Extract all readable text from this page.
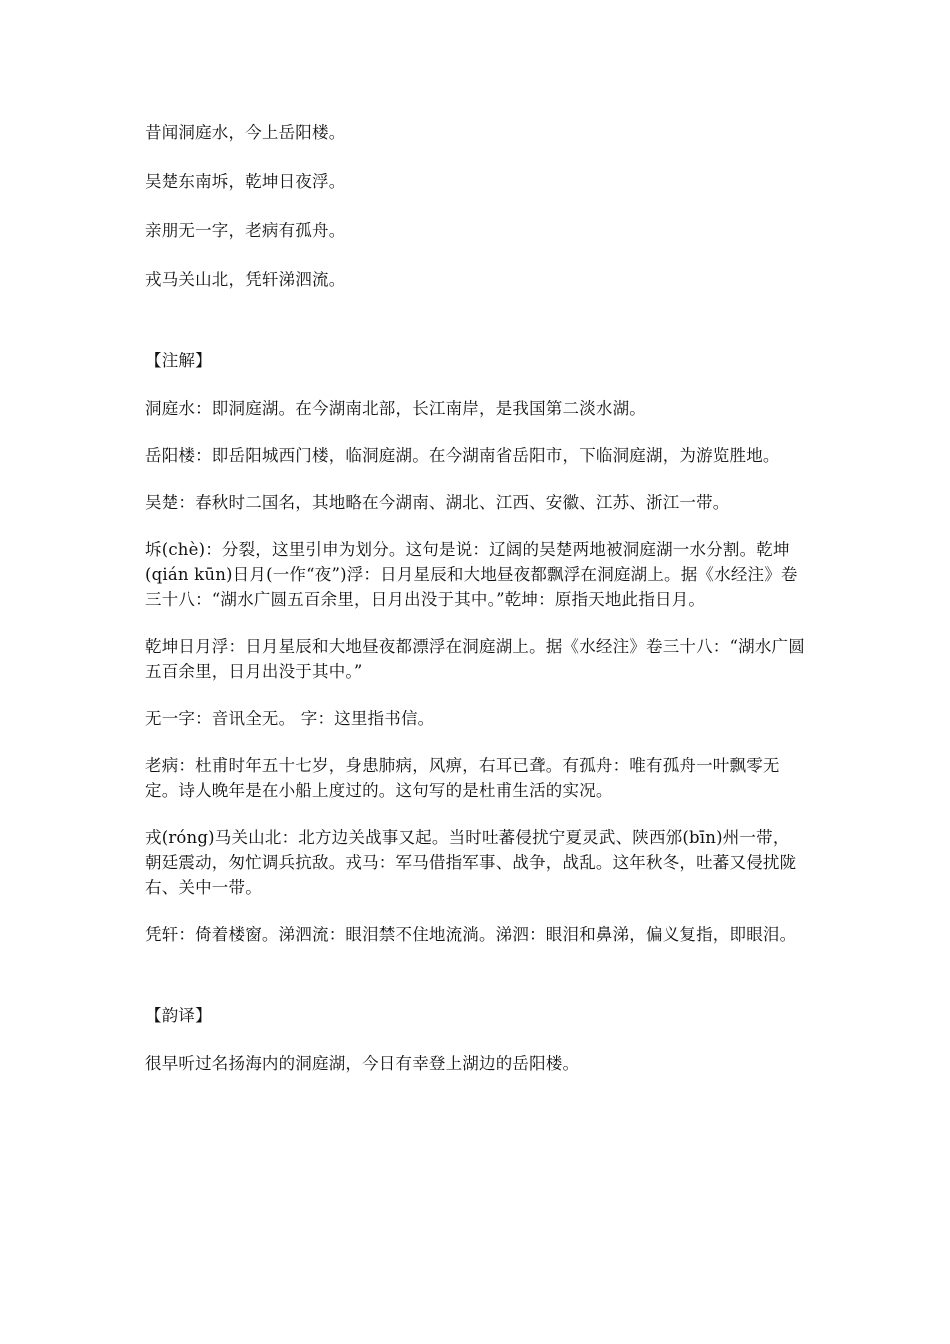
昔闻洞庭水，今上岳阳楼。

吴楚东南坼，乾坤日夜浮。

亲朋无一字，老病有孤舟。

戎马关山北，凭轩涕泗流。

【注解】

洞庭水：即洞庭湖。在今湖南北部，长江南岸，是我国第二淡水湖。

岳阳楼：即岳阳城西门楼，临洞庭湖。在今湖南省岳阳市，下临洞庭湖，为游览胜地。

吴楚：春秋时二国名，其地略在今湖南、湖北、江西、安徽、江苏、浙江一带。

坼(chè)：分裂，这里引申为划分。这句是说：辽阔的吴楚两地被洞庭湖一水分割。乾坤(qián kūn)日月(一作“夜”)浮：日月星辰和大地昼夜都飘浮在洞庭湖上。据《水经注》卷三十八：“湖水广圆五百余里，日月出没于其中。”乾坤：原指天地此指日月。

乾坤日月浮：日月星辰和大地昼夜都漂浮在洞庭湖上。据《水经注》卷三十八：“湖水广圆五百余里，日月出没于其中。”

无一字：音讯全无。 字：这里指书信。

老病：杜甫时年五十七岁，身患肺病，风痹，右耳已聋。有孤舟：唯有孤舟一叶飘零无定。诗人晚年是在小船上度过的。这句写的是杜甫生活的实况。

戎(róng)马关山北：北方边关战事又起。当时吐蕃侵扰宁夏灵武、陕西邠(bīn)州一带，朝廷震动，匆忙调兵抗敌。戎马：军马借指军事、战争，战乱。这年秋冬，吐蕃又侵扰陇右、关中一带。

凭轩：倚着楼窗。涕泗流：眼泪禁不住地流淌。涕泗：眼泪和鼻涕，偏义复指，即眼泪。

【韵译】

很早听过名扬海内的洞庭湖，今日有幸登上湖边的岳阳楼。
